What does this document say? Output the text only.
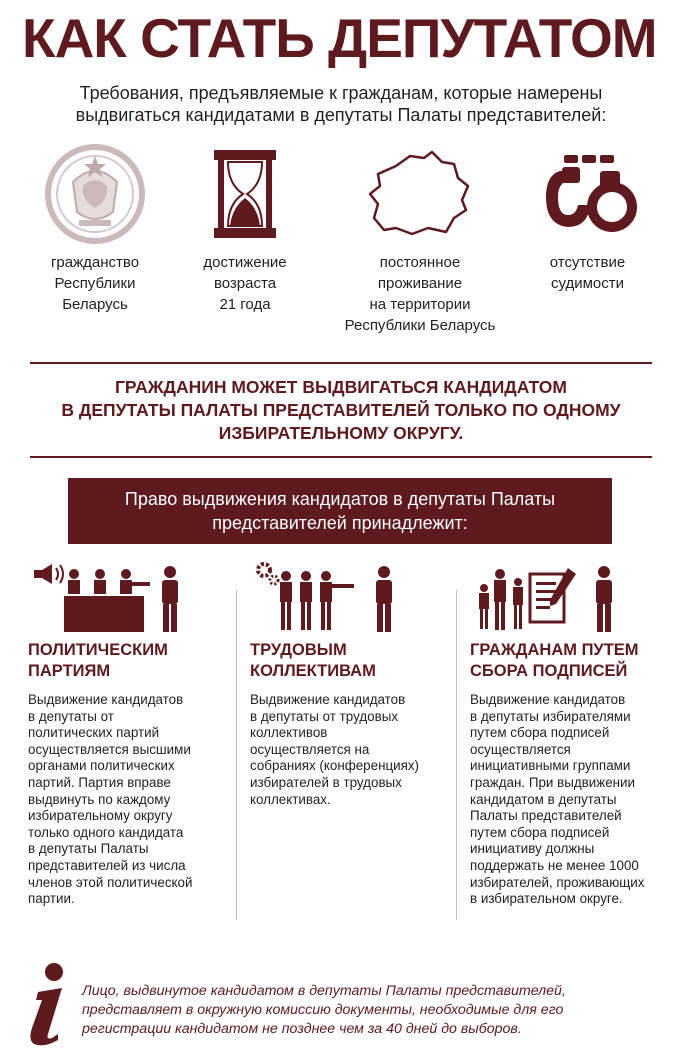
КАК СТАТЬ ДЕПУТАТОМ
Требования, предъявляемые к гражданам, которые намерены
выдвигаться кандидатами в депутаты Палаты представителей:
гражданство
Республики
Беларусь
достижение
возраста
21 года
постоянное
проживание
на территории
Республики Беларусь
отсутствие
судимости
ГРАЖДАНИН МОЖЕТ ВЫДВИГАТЬСЯ КАНДИДАТОМ
В ДЕПУТАТЫ ПАЛАТЫ ПРЕДСТАВИТЕЛЕЙ ТОЛЬКО ПО ОДНОМУ
ИЗБИРАТЕЛЬНОМУ ОКРУГУ.
Право выдвижения кандидатов в депутаты Палаты
представителей принадлежит:
ПОЛИТИЧЕСКИМ
ПАРТИЯМ

Выдвижение кандидатов
в депутаты от
политических партий
осуществляется высшими
органами политических
партий. Партия вправе
выдвинуть по каждому
избирательному округу
только одного кандидата
в депутаты Палаты
представителей из числа
членов этой политической
партии.

ТРУДОВЫМ
КОЛЛЕКТИВАМ

Выдвижение кандидатов
в депутаты от трудовых
коллективов
осуществляется на
собраниях (конференциях)
избирателей в трудовых
коллективах.

ГРАЖДАНАМ ПУТЕМ
СБОРА ПОДПИСЕЙ

Выдвижение кандидатов
в депутаты избирателями
путем сбора подписей
осуществляется
инициативными группами
граждан. При выдвижении
кандидатом в депутаты
Палаты представителей
путем сбора подписей
инициативу должны
поддержать не менее 1000
избирателей, проживающих
в избирательном округе.

Лицо, выдвинутое кандидатом в депутаты Палаты представителей,
представляет в окружную комиссию документы, необходимые для его
регистрации кандидатом не позднее чем за 40 дней до выборов.
